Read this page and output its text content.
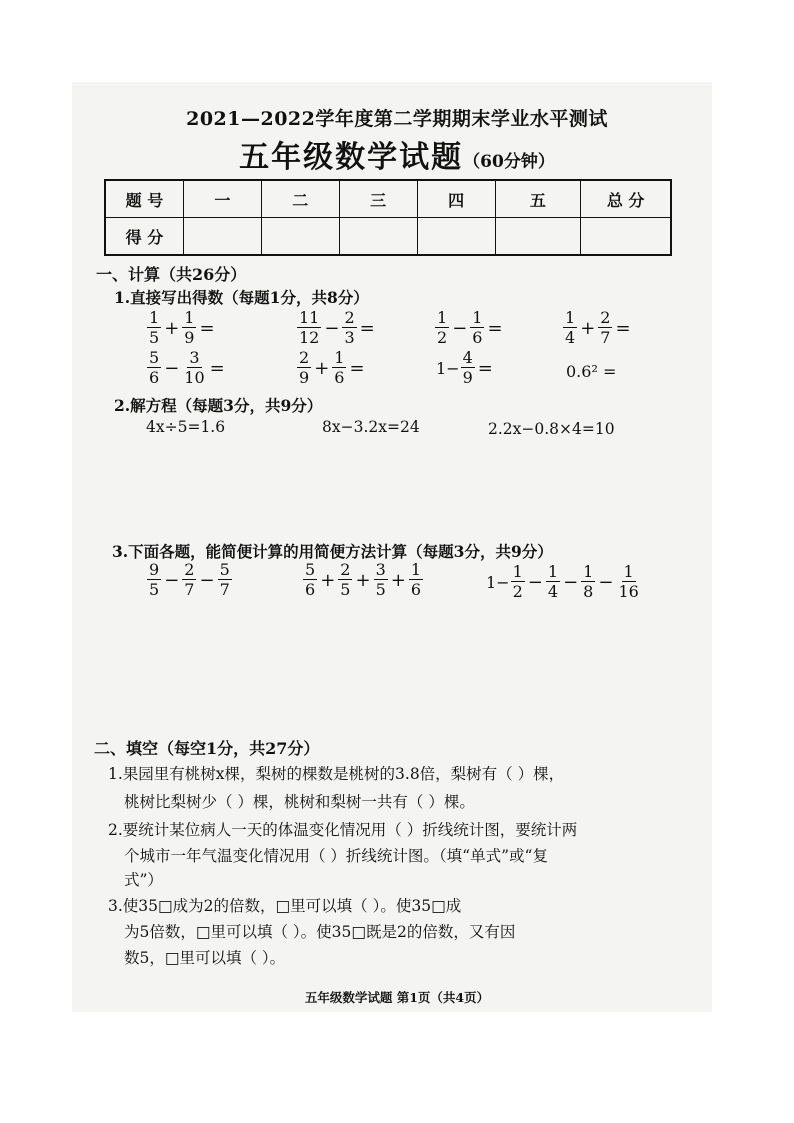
2021—2022学年度第二学期期末学业水平测试
五年级数学试题（60分钟）
题 号	一	二	三	四	五	总 分
得 分						
一、计算（共26分）
1.直接写出得数（每题1分，共8分）
$\frac{1}{5} + \frac{1}{9}$ =	$\frac{11}{12} - \frac{2}{3}$ =	$\frac{1}{2} - \frac{1}{6}$ =	$\frac{1}{4} + \frac{2}{7}$ =
$\frac{5}{6} - \frac{3}{10}$ =	$\frac{2}{9} + \frac{1}{6}$ =	$1- \frac{4}{9}$ =	0.6² =
2.解方程（每题3分，共9分）
4x÷5=1.6	8x−3.2x=24	2.2x−0.8×4=10
3.下面各题，能简便计算的用简便方法计算（每题3分，共9分）
$\frac{9}{5} - \frac{2}{7} - \frac{5}{7}$	$\frac{5}{6} + \frac{2}{5} + \frac{3}{5} + \frac{1}{6}$	$1- \frac{1}{2} - \frac{1}{4} - \frac{1}{8} - \frac{1}{16}$
二、填空（每空1分，共27分）
1.果园里有桃树x棵，梨树的棵数是桃树的3.8倍，梨树有（ ）棵，
桃树比梨树少（ ）棵，桃树和梨树一共有（ ）棵。
2.要统计某位病人一天的体温变化情况用（ ）折线统计图，要统计两
个城市一年气温变化情况用（ ）折线统计图。（填“单式”或“复
式”）
3.使35□成为2的倍数，□里可以填（ ）。使35□成
为5倍数，□里可以填（ ）。使35□既是2的倍数，又有因
数5，□里可以填（ ）。
五年级数学试题 第1页（共4页）
